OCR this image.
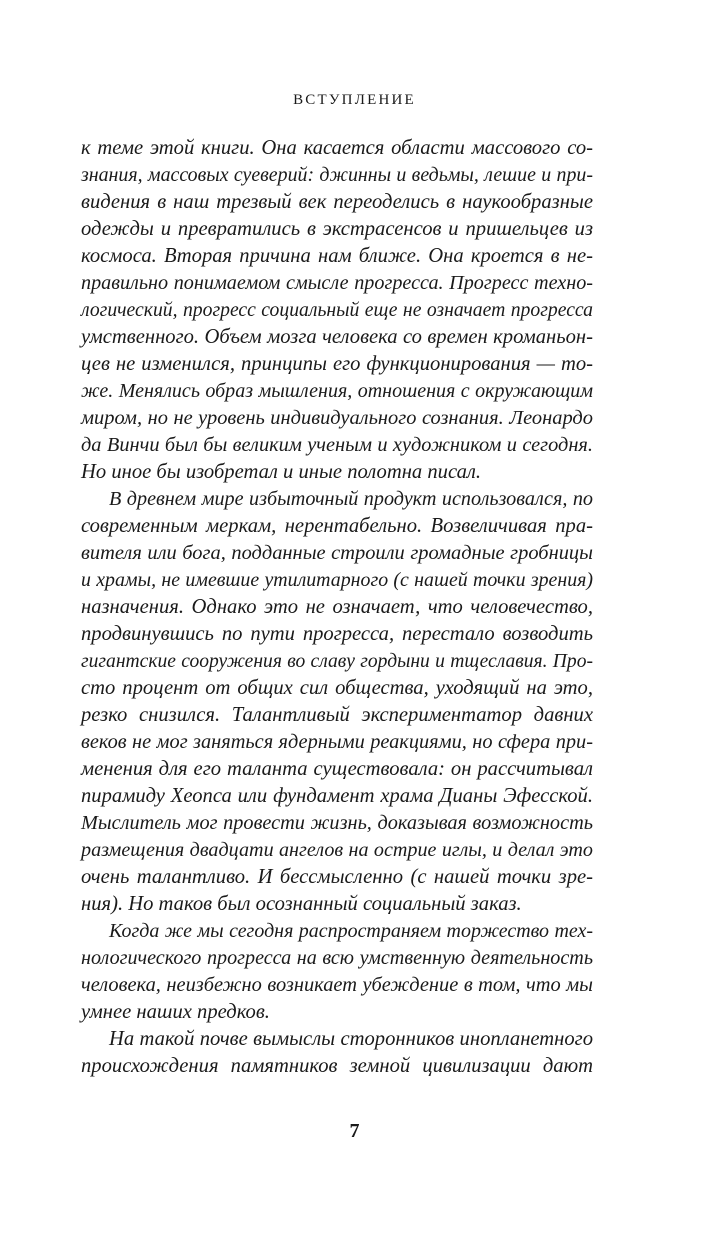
ВСТУПЛЕНИЕ
к теме этой книги. Она касается области массового со-
знания, массовых суеверий: джинны и ведьмы, лешие и при-
видения в наш трезвый век переоделись в наукообразные
одежды и превратились в экстрасенсов и пришельцев из
космоса. Вторая причина нам ближе. Она кроется в не-
правильно понимаемом смысле прогресса. Прогресс техно-
логический, прогресс социальный еще не означает прогресса
умственного. Объем мозга человека со времен кроманьон-
цев не изменился, принципы его функционирования — то-
же. Менялись образ мышления, отношения с окружающим
миром, но не уровень индивидуального сознания. Леонардо
да Винчи был бы великим ученым и художником и сегодня.
Но иное бы изобретал и иные полотна писал.
В древнем мире избыточный продукт использовался, по
современным меркам, нерентабельно. Возвеличивая пра-
вителя или бога, подданные строили громадные гробницы
и храмы, не имевшие утилитарного (с нашей точки зрения)
назначения. Однако это не означает, что человечество,
продвинувшись по пути прогресса, перестало возводить
гигантские сооружения во славу гордыни и тщеславия. Про-
сто процент от общих сил общества, уходящий на это,
резко снизился. Талантливый экспериментатор давних
веков не мог заняться ядерными реакциями, но сфера при-
менения для его таланта существовала: он рассчитывал
пирамиду Хеопса или фундамент храма Дианы Эфесской.
Мыслитель мог провести жизнь, доказывая возможность
размещения двадцати ангелов на острие иглы, и делал это
очень талантливо. И бессмысленно (с нашей точки зре-
ния). Но таков был осознанный социальный заказ.
Когда же мы сегодня распространяем торжество тех-
нологического прогресса на всю умственную деятельность
человека, неизбежно возникает убеждение в том, что мы
умнее наших предков.
На такой почве вымыслы сторонников инопланетного
происхождения памятников земной цивилизации дают
7
